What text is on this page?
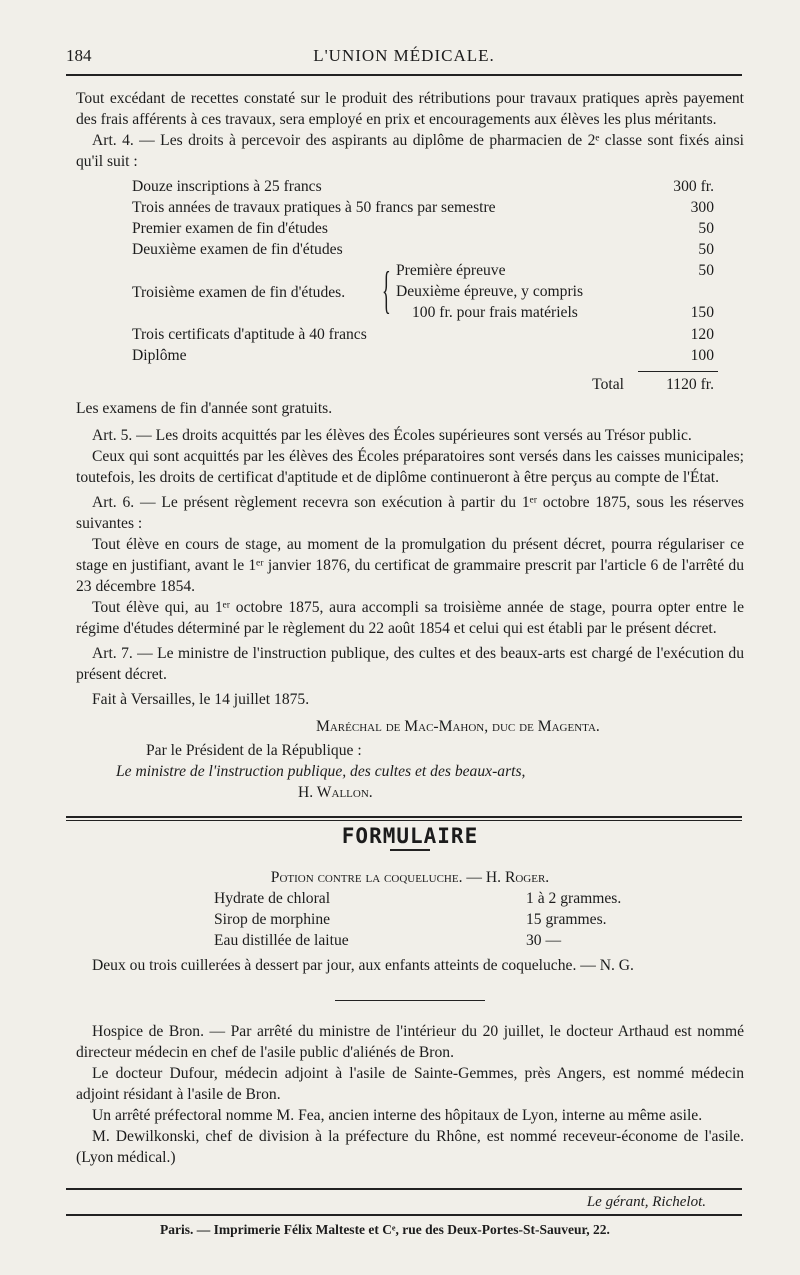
184	L'UNION MÉDICALE.

Tout excédant de recettes constaté sur le produit des rétributions pour travaux pratiques après payement des frais afférents à ces travaux, sera employé en prix et encouragements aux élèves les plus méritants.

Art. 4. — Les droits à percevoir des aspirants au diplôme de pharmacien de 2ᵉ classe sont fixés ainsi qu'il suit :

Douze inscriptions à 25 francs	300 fr.
Trois années de travaux pratiques à 50 francs par semestre	300
Premier examen de fin d'études	50
Deuxième examen de fin d'études	50
Troisième examen de fin d'études. { Première épreuve	50
Deuxième épreuve, y compris
100 fr. pour frais matériels	150
Trois certificats d'aptitude à 40 francs	120
Diplôme	100
Total	1120 fr.

Les examens de fin d'année sont gratuits.

Art. 5. — Les droits acquittés par les élèves des Écoles supérieures sont versés au Trésor public.

Ceux qui sont acquittés par les élèves des Écoles préparatoires sont versés dans les caisses municipales; toutefois, les droits de certificat d'aptitude et de diplôme continueront à être perçus au compte de l'État.

Art. 6. — Le présent règlement recevra son exécution à partir du 1ᵉʳ octobre 1875, sous les réserves suivantes :

Tout élève en cours de stage, au moment de la promulgation du présent décret, pourra régulariser ce stage en justifiant, avant le 1ᵉʳ janvier 1876, du certificat de grammaire prescrit par l'article 6 de l'arrêté du 23 décembre 1854.

Tout élève qui, au 1ᵉʳ octobre 1875, aura accompli sa troisième année de stage, pourra opter entre le régime d'études déterminé par le règlement du 22 août 1854 et celui qui est établi par le présent décret.

Art. 7. — Le ministre de l'instruction publique, des cultes et des beaux-arts est chargé de l'exécution du présent décret.

Fait à Versailles, le 14 juillet 1875.

Maréchal de Mac-Mahon, duc de Magenta.

Par le Président de la République :

Le ministre de l'instruction publique, des cultes et des beaux-arts,

H. Wallon.

FORMULAIRE

Potion contre la coqueluche. — H. Roger.

Hydrate de chloral	1 à 2 grammes.
Sirop de morphine	15 grammes.
Eau distillée de laitue	30 —

Deux ou trois cuillerées à dessert par jour, aux enfants atteints de coqueluche. — N. G.

Hospice de Bron. — Par arrêté du ministre de l'intérieur du 20 juillet, le docteur Arthaud est nommé directeur médecin en chef de l'asile public d'aliénés de Bron.

Le docteur Dufour, médecin adjoint à l'asile de Sainte-Gemmes, près Angers, est nommé médecin adjoint résidant à l'asile de Bron.

Un arrêté préfectoral nomme M. Fea, ancien interne des hôpitaux de Lyon, interne au même asile.

M. Dewilkonski, chef de division à la préfecture du Rhône, est nommé receveur-économe de l'asile. (Lyon médical.)

Le gérant, Richelot.
Paris. — Imprimerie Félix Malteste et Cᵉ, rue des Deux-Portes-St-Sauveur, 22.
